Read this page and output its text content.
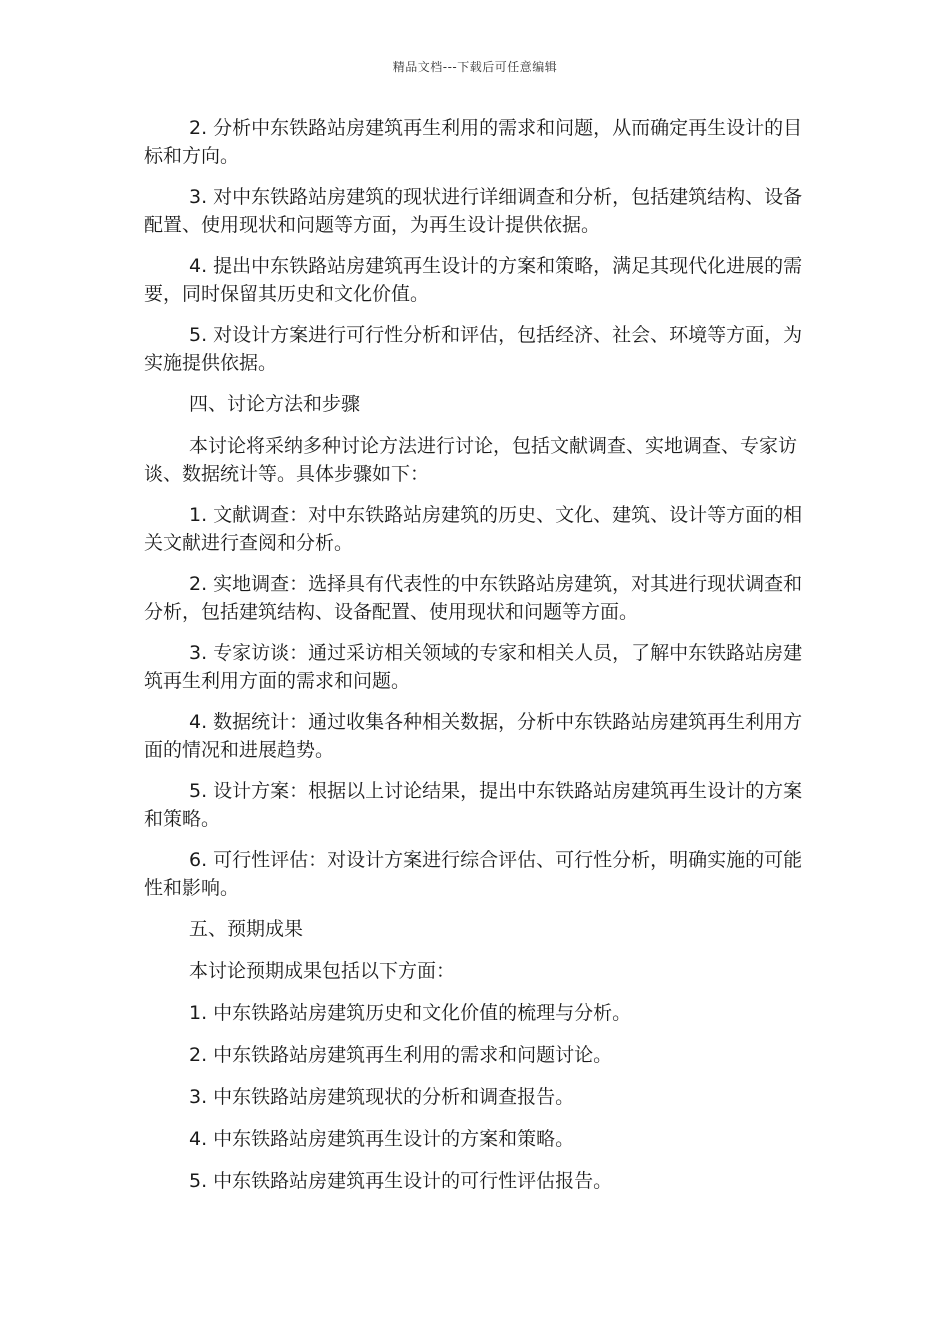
精品文档---下载后可任意编辑

2. 分析中东铁路站房建筑再生利用的需求和问题，从而确定再生设计的目标和方向。

3. 对中东铁路站房建筑的现状进行详细调查和分析，包括建筑结构、设备配置、使用现状和问题等方面，为再生设计提供依据。

4. 提出中东铁路站房建筑再生设计的方案和策略，满足其现代化进展的需要，同时保留其历史和文化价值。

5. 对设计方案进行可行性分析和评估，包括经济、社会、环境等方面，为实施提供依据。

四、讨论方法和步骤

本讨论将采纳多种讨论方法进行讨论，包括文献调查、实地调查、专家访谈、数据统计等。具体步骤如下：

1. 文献调查：对中东铁路站房建筑的历史、文化、建筑、设计等方面的相关文献进行查阅和分析。

2. 实地调查：选择具有代表性的中东铁路站房建筑，对其进行现状调查和分析，包括建筑结构、设备配置、使用现状和问题等方面。

3. 专家访谈：通过采访相关领域的专家和相关人员，了解中东铁路站房建筑再生利用方面的需求和问题。

4. 数据统计：通过收集各种相关数据，分析中东铁路站房建筑再生利用方面的情况和进展趋势。

5. 设计方案：根据以上讨论结果，提出中东铁路站房建筑再生设计的方案和策略。

6. 可行性评估：对设计方案进行综合评估、可行性分析，明确实施的可能性和影响。

五、预期成果

本讨论预期成果包括以下方面：

1. 中东铁路站房建筑历史和文化价值的梳理与分析。

2. 中东铁路站房建筑再生利用的需求和问题讨论。

3. 中东铁路站房建筑现状的分析和调查报告。

4. 中东铁路站房建筑再生设计的方案和策略。

5. 中东铁路站房建筑再生设计的可行性评估报告。
